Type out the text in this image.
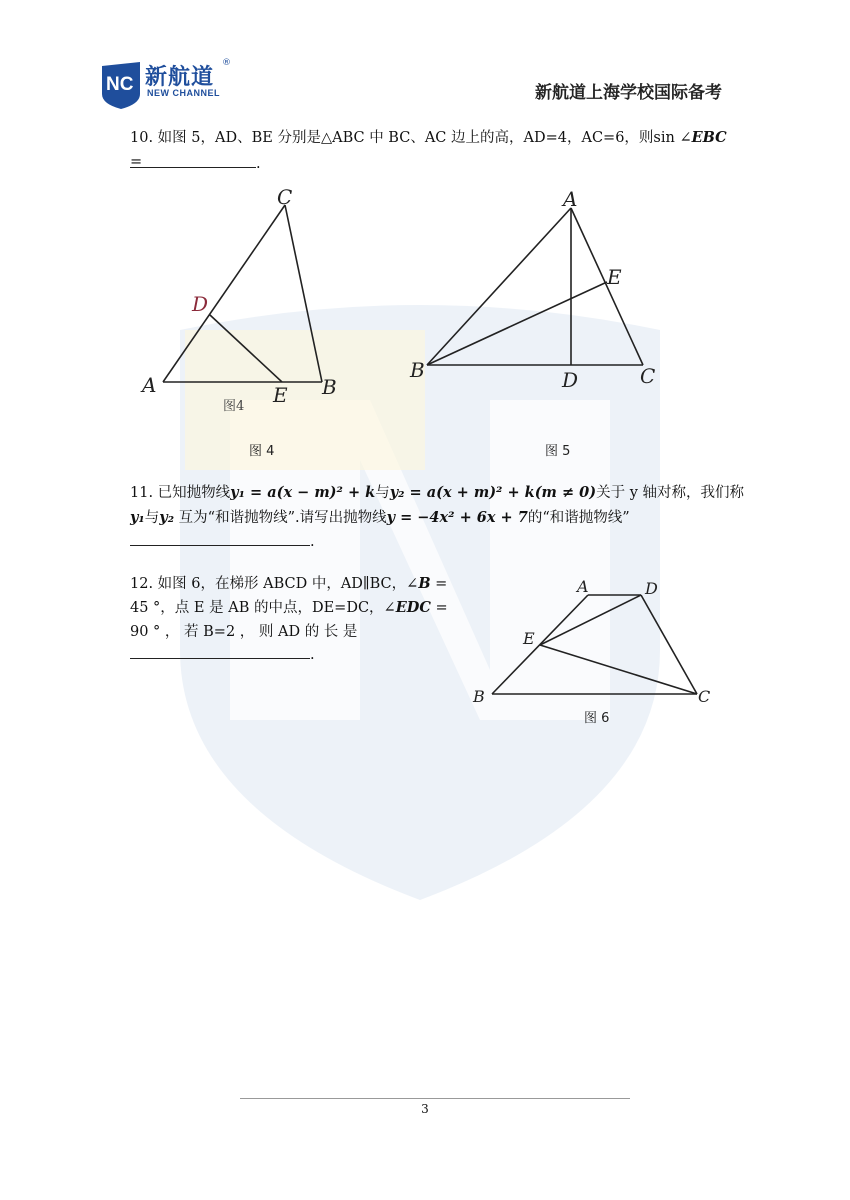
NC 新航道
®
NEW CHANNEL	新航道上海学校国际备考
10. 如图 5，AD、BE 分别是△ABC 中 BC、AC 边上的高，AD=4，AC=6，则sin ∠EBC =	.
C
D
A	E B
图4
图 4
A
E
B	D	C
图 5
11. 已知抛物线y₁ = a(x − m)² + k与y₂ = a(x + m)² + k(m ≠ 0)关于 y 轴对称，我们称
y₁与y₂ 互为“和谐抛物线”.请写出抛物线y = −4x² + 6x + 7的“和谐抛物线”
.
12. 如图 6，在梯形 ABCD 中，AD∥BC，∠B =
45 °，点 E 是 AB 的中点，DE=DC，∠EDC =
90 ° ， 若 B=2 ， 则 AD 的 长 是
.
A	D
E
B	C
图 6
3
